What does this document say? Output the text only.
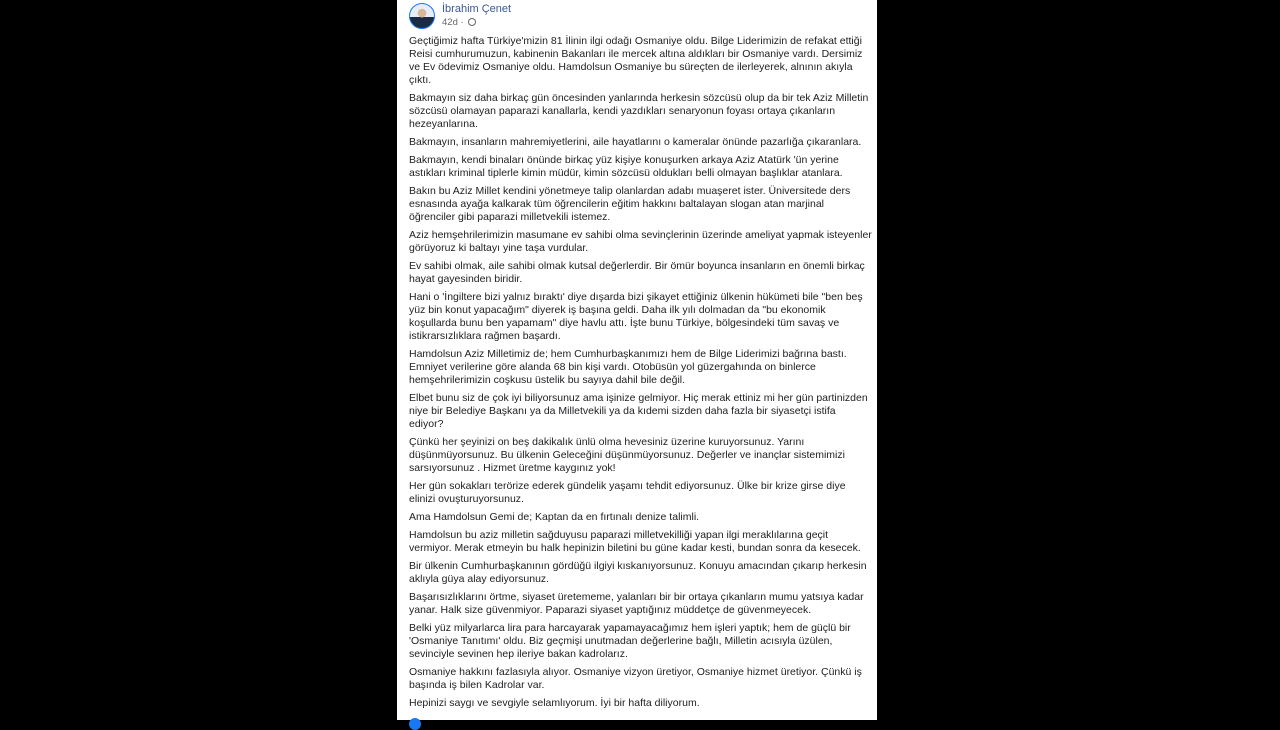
İbrahim Çenet
42d ·

Geçtiğimiz hafta Türkiye'mizin 81 İlinin ilgi odağı Osmaniye oldu. Bilge Liderimizin de refakat ettiği Reisi cumhurumuzun, kabinenin Bakanları ile mercek altına aldıkları bir Osmaniye vardı. Dersimiz ve Ev ödevimiz Osmaniye oldu. Hamdolsun Osmaniye bu süreçten de ilerleyerek, alnının akıyla çıktı.

Bakmayın siz daha birkaç gün öncesinden yanlarında herkesin sözcüsü olup da bir tek Aziz Milletin sözcüsü olamayan paparazi kanallarla, kendi yazdıkları senaryonun foyası ortaya çıkanların hezeyanlarına.

Bakmayın, insanların mahremiyetlerini, aile hayatlarını o kameralar önünde pazarlığa çıkaranlara.

Bakmayın, kendi binaları önünde birkaç yüz kişiye konuşurken arkaya Aziz Atatürk 'ün yerine astıkları kriminal tiplerle kimin müdür, kimin sözcüsü oldukları belli olmayan başlıklar atanlara.

Bakın bu Aziz Millet kendini yönetmeye talip olanlardan adabı muaşeret ister. Üniversitede ders esnasında ayağa kalkarak tüm öğrencilerin eğitim hakkını baltalayan slogan atan marjinal öğrenciler gibi paparazi milletvekili istemez.

Aziz hemşehrilerimizin masumane ev sahibi olma sevinçlerinin üzerinde ameliyat yapmak isteyenler görüyoruz ki baltayı yine taşa vurdular.

Ev sahibi olmak, aile sahibi olmak kutsal değerlerdir. Bir ömür boyunca insanların en önemli birkaç hayat gayesinden biridir.

Hani o 'İngiltere bizi yalnız bıraktı' diye dışarda bizi şikayet ettiğiniz ülkenin hükümeti bile "ben beş yüz bin konut yapacağım" diyerek iş başına geldi. Daha ilk yılı dolmadan da "bu ekonomik koşullarda bunu ben yapamam" diye havlu attı. İşte bunu Türkiye, bölgesindeki tüm savaş ve istikrarsızlıklara rağmen başardı.

Hamdolsun Aziz Milletimiz de; hem Cumhurbaşkanımızı hem de Bilge Liderimizi bağrına bastı. Emniyet verilerine göre alanda 68 bin kişi vardı. Otobüsün yol güzergahında on binlerce hemşehrilerimizin coşkusu üstelik bu sayıya dahil bile değil.

Elbet bunu siz de çok iyi biliyorsunuz ama işinize gelmiyor. Hiç merak ettiniz mi her gün partinizden niye bir Belediye Başkanı ya da Milletvekili ya da kıdemi sizden daha fazla bir siyasetçi istifa ediyor?

Çünkü her şeyinizi on beş dakikalık ünlü olma hevesiniz üzerine kuruyorsunuz. Yarını düşünmüyorsunuz. Bu ülkenin Geleceğini düşünmüyorsunuz. Değerler ve inançlar sistemimizi sarsıyorsunuz . Hizmet üretme kaygınız yok!

Her gün sokakları terörize ederek gündelik yaşamı tehdit ediyorsunuz. Ülke bir krize girse diye elinizi ovuşturuyorsunuz.

Ama Hamdolsun Gemi de; Kaptan da en fırtınalı denize talimli.

Hamdolsun bu aziz milletin sağduyusu paparazi milletvekilliği yapan ilgi meraklılarına geçit vermiyor. Merak etmeyin bu halk hepinizin biletini bu güne kadar kesti, bundan sonra da kesecek.

Bir ülkenin Cumhurbaşkanının gördüğü ilgiyi kıskanıyorsunuz. Konuyu amacından çıkarıp herkesin aklıyla güya alay ediyorsunuz.

Başarısızlıklarını örtme, siyaset üretememe, yalanları bir bir ortaya çıkanların mumu yatsıya kadar yanar. Halk size güvenmiyor. Paparazi siyaset yaptığınız müddetçe de güvenmeyecek.

Belki yüz milyarlarca lira para harcayarak yapamayacağımız hem işleri yaptık; hem de güçlü bir 'Osmaniye Tanıtımı' oldu. Biz geçmişi unutmadan değerlerine bağlı, Milletin acısıyla üzülen, sevinciyle sevinen hep ileriye bakan kadrolarız.

Osmaniye hakkını fazlasıyla alıyor. Osmaniye vizyon üretiyor, Osmaniye hizmet üretiyor. Çünkü iş başında iş bilen Kadrolar var.

Hepinizi saygı ve sevgiyle selamlıyorum. İyi bir hafta diliyorum.
